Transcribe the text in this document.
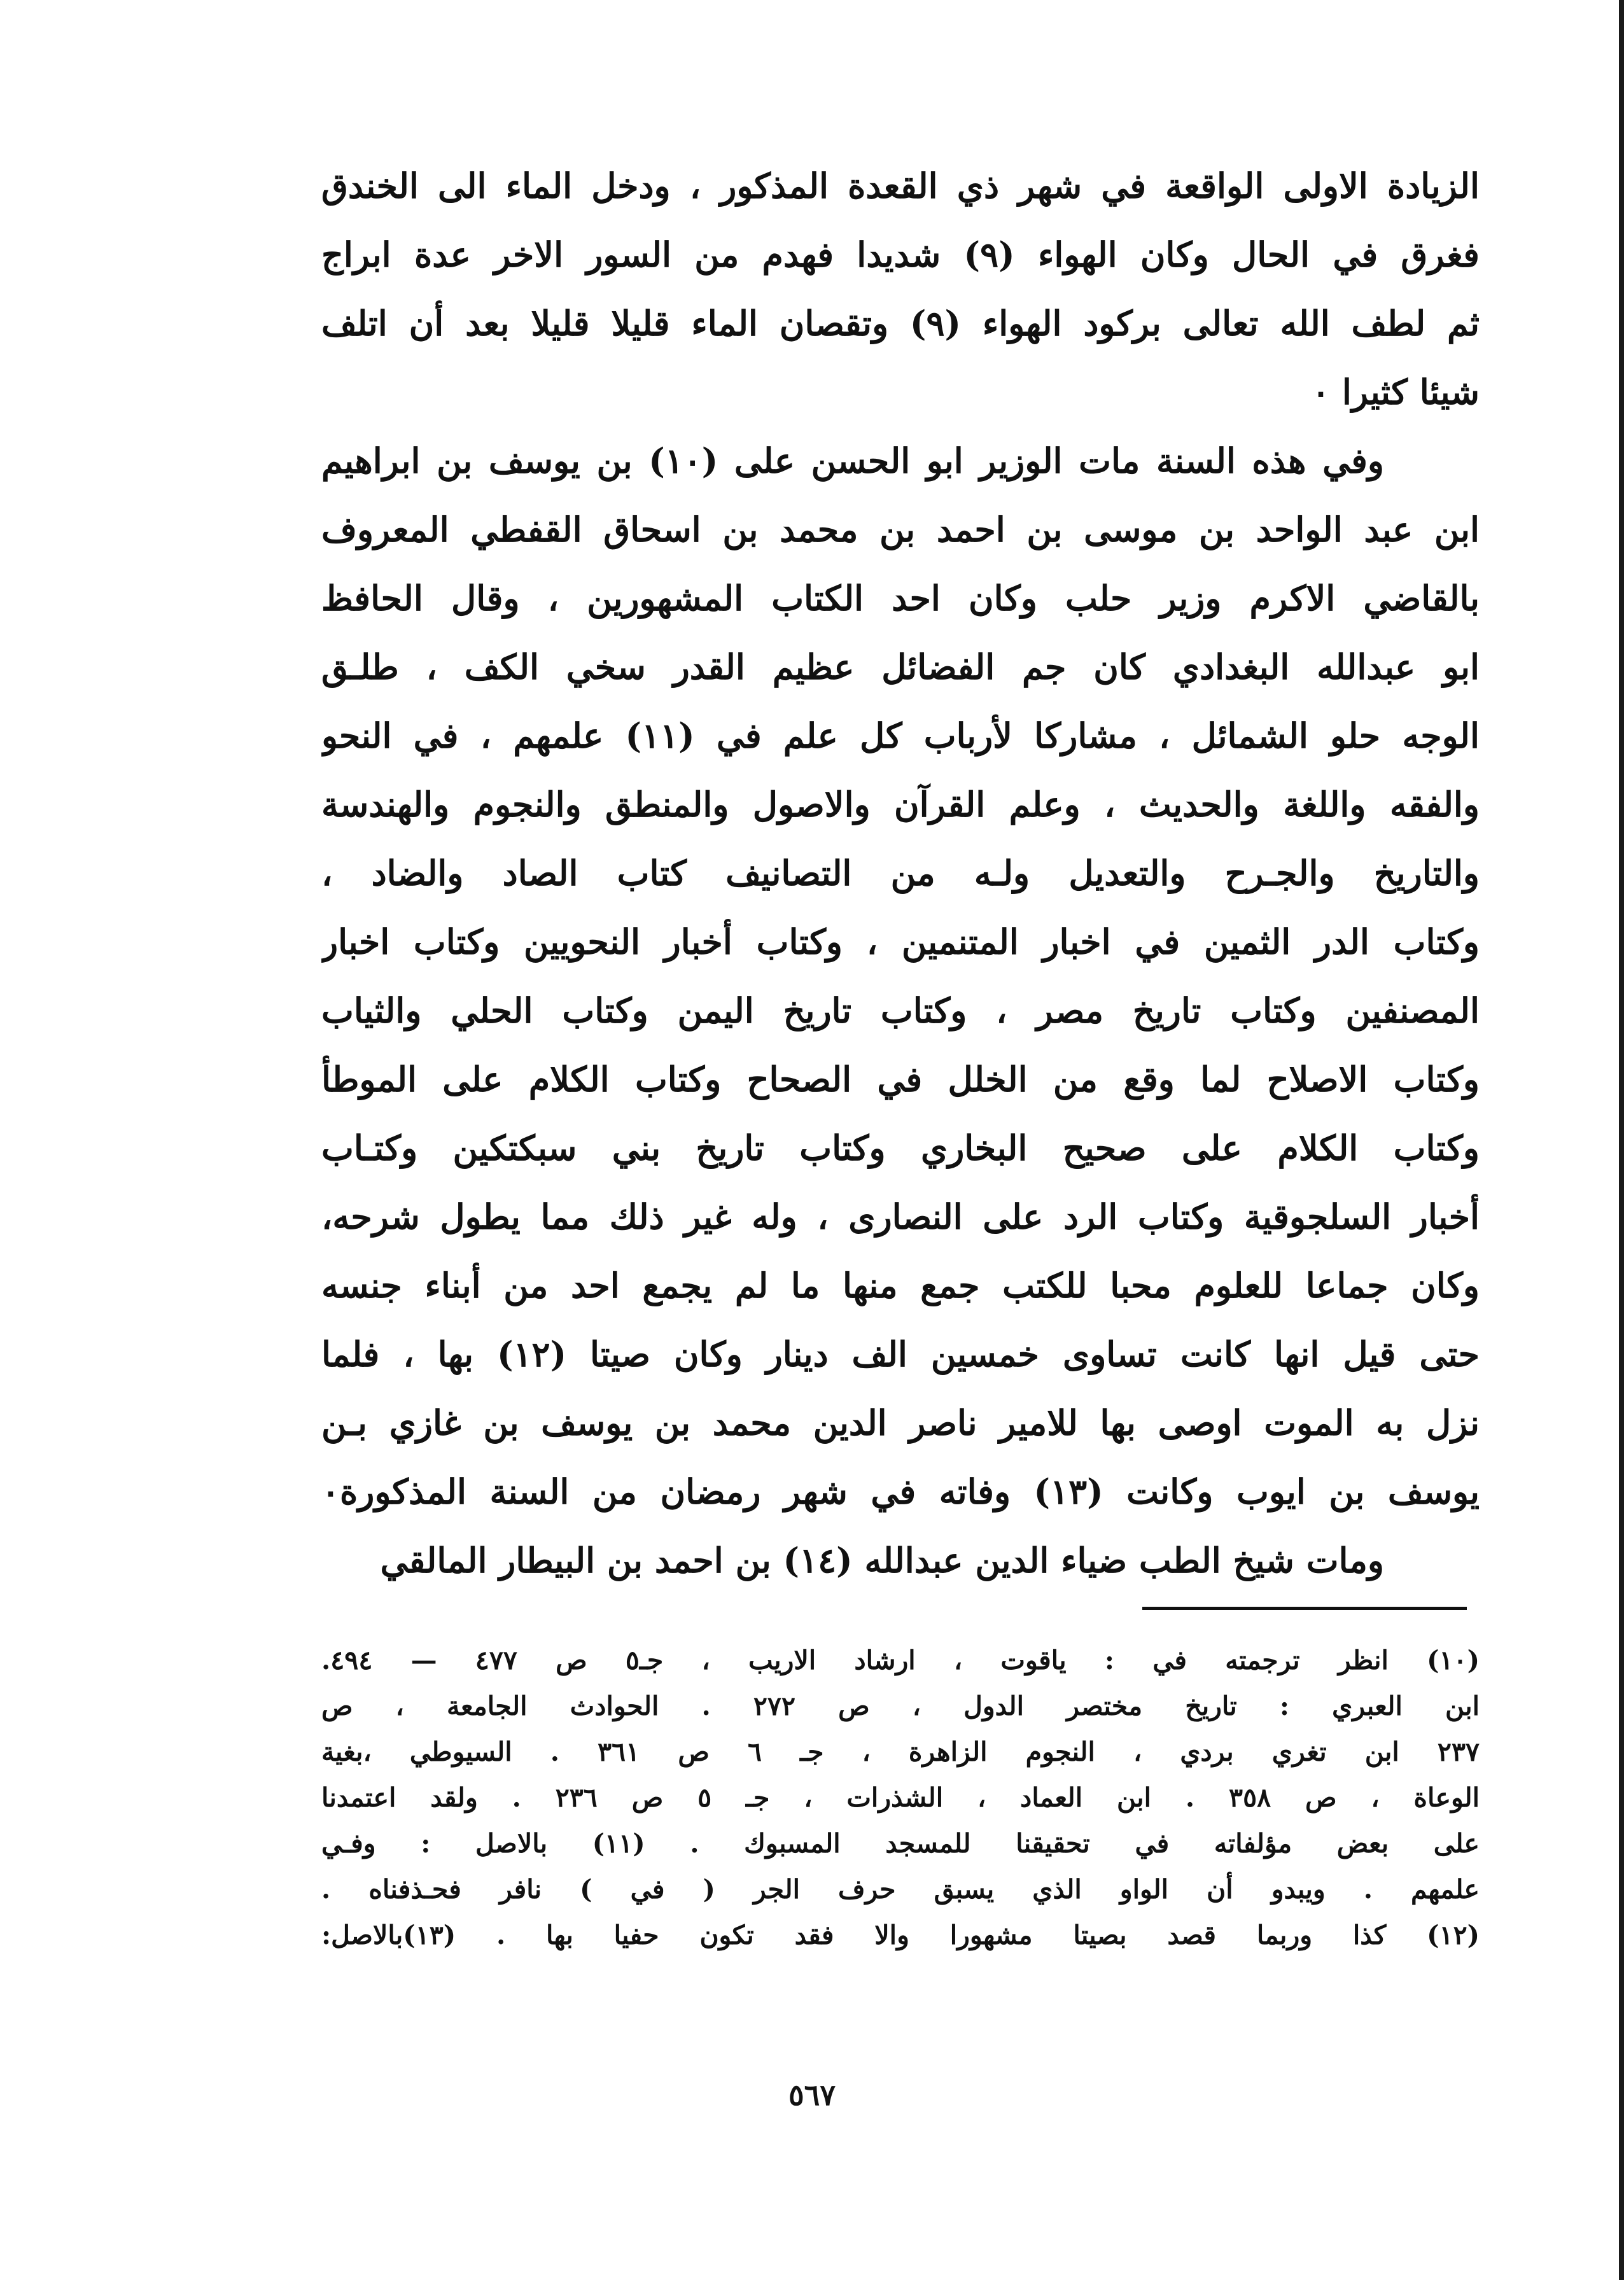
الزيادة الاولى الواقعة في شهر ذي القعدة المذكور ، ودخل الماء الى الخندق
فغرق في الحال وكان الهواء (٩) شديدا فهدم من السور الاخر عدة ابراج
ثم لطف الله تعالى بركود الهواء (٩) وتقصان الماء قليلا قليلا بعد أن اتلف
شيئا كثيرا ٠
وفي هذه السنة مات الوزير ابو الحسن على (١٠) بن يوسف بن ابراهيم
ابن عبد الواحد بن موسى بن احمد بن محمد بن اسحاق القفطي المعروف
بالقاضي الاكرم وزير حلب وكان احد الكتاب المشهورين ، وقال الحافظ
ابو عبدالله البغدادي كان جم الفضائل عظيم القدر سخي الكف ، طلـق
الوجه حلو الشمائل ، مشاركا لأرباب كل علم في (١١) علمهم ، في النحو
والفقه واللغة والحديث ، وعلم القرآن والاصول والمنطق والنجوم والهندسة
والتاريخ والجـرح والتعديل ولـه من التصانيف كتاب الصاد والضاد ،
وكتاب الدر الثمين في اخبار المتنمين ، وكتاب أخبار النحويين وكتاب اخبار
المصنفين وكتاب تاريخ مصر ، وكتاب تاريخ اليمن وكتاب الحلي والثياب
وكتاب الاصلاح لما وقع من الخلل في الصحاح وكتاب الكلام على الموطأ
وكتاب الكلام على صحيح البخاري وكتاب تاريخ بني سبكتكين وكتـاب
أخبار السلجوقية وكتاب الرد على النصارى ، وله غير ذلك مما يطول شرحه،
وكان جماعا للعلوم محبا للكتب جمع منها ما لم يجمع احد من أبناء جنسه
حتى قيل انها كانت تساوى خمسين الف دينار وكان صيتا (١٢) بها ، فلما
نزل به الموت اوصى بها للامير ناصر الدين محمد بن يوسف بن غازي بـن
يوسف بن ايوب وكانت (١٣) وفاته في شهر رمضان من السنة المذكورة٠
ومات شيخ الطب ضياء الدين عبدالله (١٤) بن احمد بن البيطار المالقي
(١٠) انظر ترجمته في : ياقوت ، ارشاد الاريب ، جـ٥ ص ٤٧٧ — ٤٩٤.
ابن العبري : تاريخ مختصر الدول ، ص ٢٧٢ . الحوادث الجامعة ، ص
٢٣٧ ابن تغري بردي ، النجوم الزاهرة ، جـ ٦ ص ٣٦١ . السيوطي ،بغية
الوعاة ، ص ٣٥٨ . ابن العماد ، الشذرات ، جـ ٥ ص ٢٣٦ . ولقد اعتمدنا
على بعض مؤلفاته في تحقيقنا للمسجد المسبوك . (١١) بالاصل : وفـي
علمهم . ويبدو أن الواو الذي يسبق حرف الجر ( في ) نافر فحـذفناه .
(١٢) كذا وربما قصد بصيتا مشهورا والا فقد تكون حفيا بها . (١٣)بالاصل:
٥٦٧
